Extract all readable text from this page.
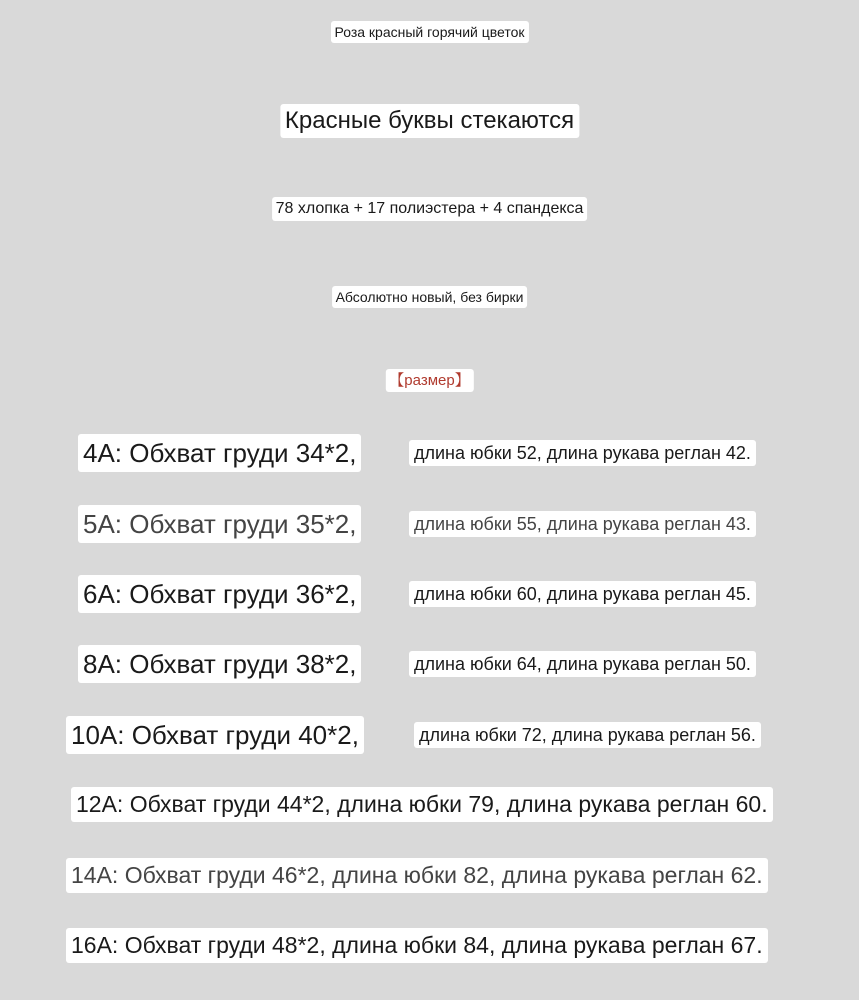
Роза красный горячий цветок
Красные буквы стекаются
78 хлопка + 17 полиэстера + 4 спандекса
Абсолютно новый, без бирки
【размер】
4А: Обхват груди 34*2,	длина юбки 52, длина рукава реглан 42.
5А: Обхват груди 35*2,	длина юбки 55, длина рукава реглан 43.
6А: Обхват груди 36*2,	длина юбки 60, длина рукава реглан 45.
8А: Обхват груди 38*2,	длина юбки 64, длина рукава реглан 50.
10А: Обхват груди 40*2,	длина юбки 72, длина рукава реглан 56.
12А: Обхват груди 44*2, длина юбки 79, длина рукава реглан 60.
14А: Обхват груди 46*2, длина юбки 82, длина рукава реглан 62.
16А: Обхват груди 48*2, длина юбки 84, длина рукава реглан 67.
